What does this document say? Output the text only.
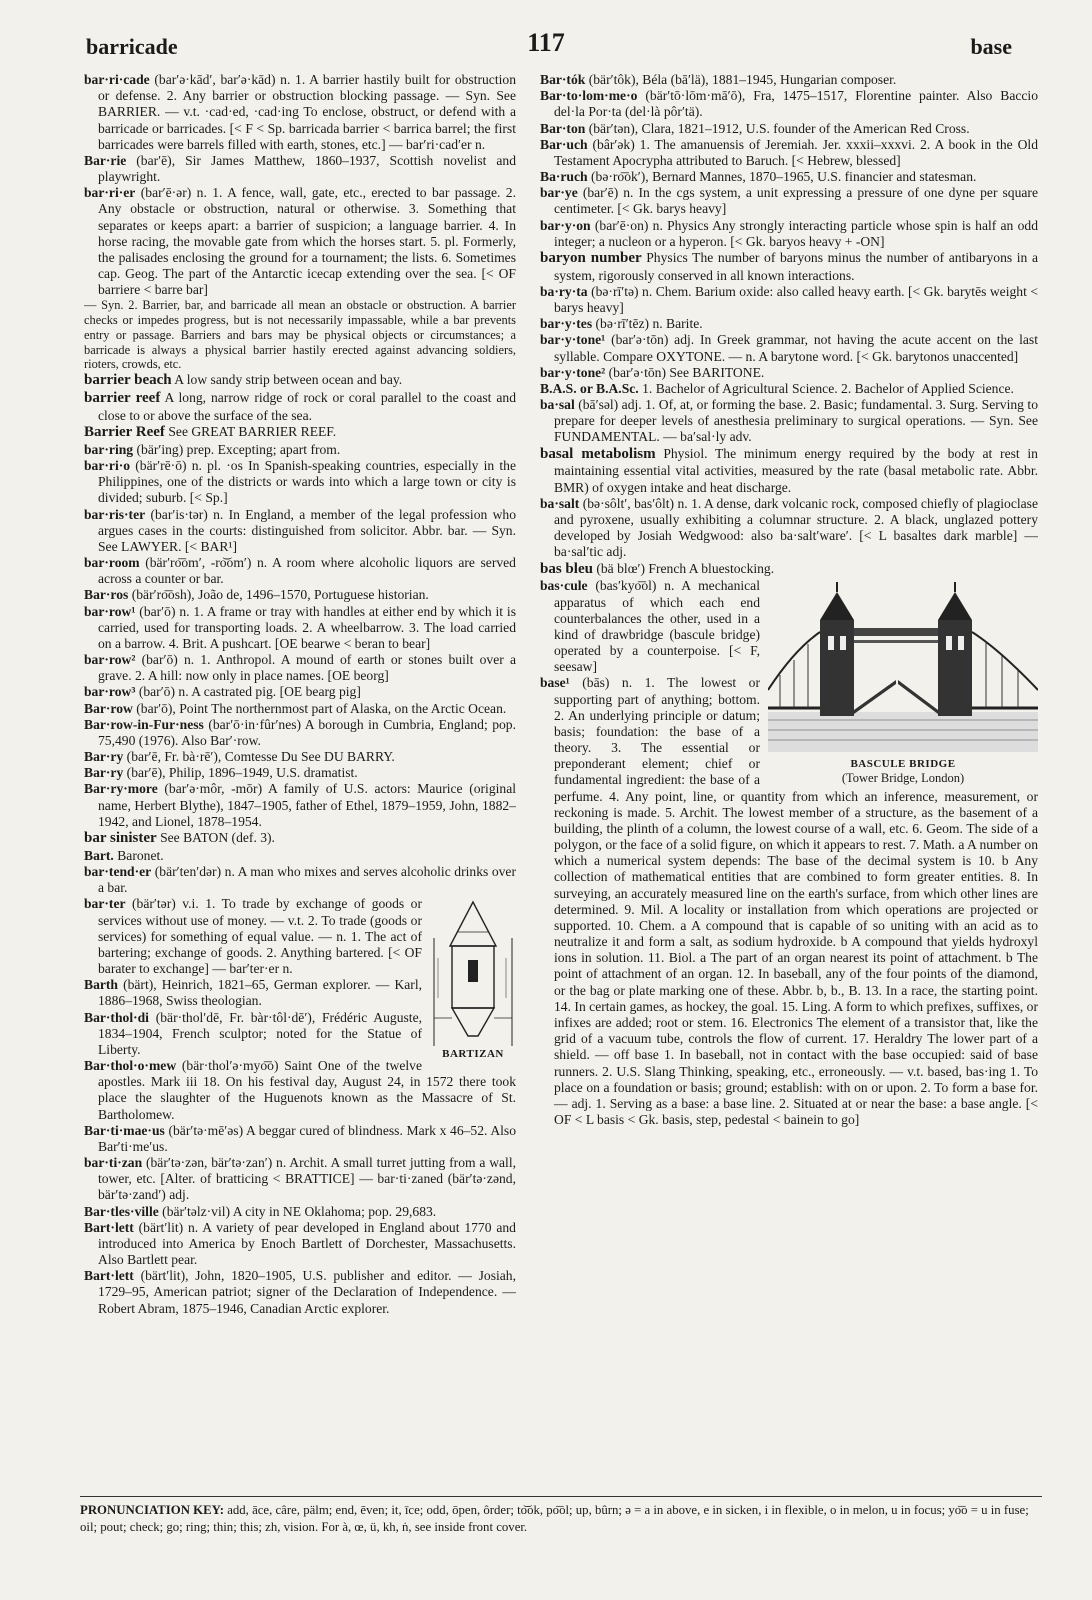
barricade	117	base
bar·ri·cade (bar′ə·kād′, bar′ə·kād) n. 1. A barrier hastily built for obstruction or defense. 2. Any barrier or obstruction blocking passage. — Syn. See BARRIER. — v.t. ·cad·ed, ·cad·ing To enclose, obstruct, or defend with a barricade or barricades. [< F < Sp. barricada barrier < barrica barrel; the first barricades were barrels filled with earth, stones, etc.] — bar′ri·cad′er n.
Bar·rie (bar′ē), Sir James Matthew, 1860–1937, Scottish novelist and playwright.
bar·ri·er (bar′ē·ər) n. 1. A fence, wall, gate, etc., erected to bar passage. 2. Any obstacle or obstruction, natural or otherwise. 3. Something that separates or keeps apart: a barrier of suspicion; a language barrier. 4. In horse racing, the movable gate from which the horses start. 5. pl. Formerly, the palisades enclosing the ground for a tournament; the lists. 6. Sometimes cap. Geog. The part of the Antarctic icecap extending over the sea. [< OF barriere < barre bar]
— Syn. 2. Barrier, bar, and barricade all mean an obstacle or obstruction. A barrier checks or impedes progress, but is not necessarily impassable, while a bar prevents entry or passage. Barriers and bars may be physical objects or circumstances; a barricade is always a physical barrier hastily erected against advancing soldiers, rioters, crowds, etc.
barrier beach A low sandy strip between ocean and bay.
barrier reef A long, narrow ridge of rock or coral parallel to the coast and close to or above the surface of the sea.
Barrier Reef See GREAT BARRIER REEF.
bar·ring (bär′ing) prep. Excepting; apart from.
bar·ri·o (bär′rē·ō) n. pl. ·os In Spanish-speaking countries, especially in the Philippines, one of the districts or wards into which a large town or city is divided; suburb. [< Sp.]
bar·ris·ter (bar′is·tər) n. In England, a member of the legal profession who argues cases in the courts: distinguished from solicitor. Abbr. bar. — Syn. See LAWYER. [< BAR¹]
bar·room (bär′ro͞om′, -ro͝om′) n. A room where alcoholic liquors are served across a counter or bar.
Bar·ros (bär′ro͞osh), João de, 1496–1570, Portuguese historian.
bar·row¹ (bar′ō) n. 1. A frame or tray with handles at either end by which it is carried, used for transporting loads. 2. A wheelbarrow. 3. The load carried on a barrow. 4. Brit. A pushcart. [OE bearwe < beran to bear]
bar·row² (bar′ō) n. 1. Anthropol. A mound of earth or stones built over a grave. 2. A hill: now only in place names. [OE beorg]
bar·row³ (bar′ō) n. A castrated pig. [OE bearg pig]
Bar·row (bar′ō), Point The northernmost part of Alaska, on the Arctic Ocean.
Bar·row-in-Fur·ness (bar′ō·in·fûr′nes) A borough in Cumbria, England; pop. 75,490 (1976). Also Bar′·row.
Bar·ry (bar′ē, Fr. bà·rē′), Comtesse Du See DU BARRY.
Bar·ry (bar′ē), Philip, 1896–1949, U.S. dramatist.
Bar·ry·more (bar′ə·môr, -mōr) A family of U.S. actors: Maurice (original name, Herbert Blythe), 1847–1905, father of Ethel, 1879–1959, John, 1882–1942, and Lionel, 1878–1954.
bar sinister See BATON (def. 3).
Bart. Baronet.
bar·tend·er (bär′ten′dər) n. A man who mixes and serves alcoholic drinks over a bar.
BARTIZAN
bar·ter (bär′tər) v.i. 1. To trade by exchange of goods or services without use of money. — v.t. 2. To trade (goods or services) for something of equal value. — n. 1. The act of bartering; exchange of goods. 2. Anything bartered. [< OF barater to exchange] — bar′ter·er n.
Barth (bärt), Heinrich, 1821–65, German explorer. — Karl, 1886–1968, Swiss theologian.
Bar·thol·di (bär·thol′dē, Fr. bàr·tôl·dē′), Frédéric Auguste, 1834–1904, French sculptor; noted for the Statue of Liberty.
Bar·thol·o·mew (bär·thol′ə·myo͞o) Saint One of the twelve apostles. Mark iii 18. On his festival day, August 24, in 1572 there took place the slaughter of the Huguenots known as the Massacre of St. Bartholomew.
Bar·ti·mae·us (bär′tə·mē′əs) A beggar cured of blindness. Mark x 46–52. Also Bar′ti·me′us.
bar·ti·zan (bär′tə·zən, bär′tə·zan′) n. Archit. A small turret jutting from a wall, tower, etc. [Alter. of bratticing < BRATTICE] — bar·ti·zaned (bär′tə·zənd, bär′tə·zand′) adj.
Bar·tles·ville (bär′təlz·vil) A city in NE Oklahoma; pop. 29,683.
Bart·lett (bärt′lit) n. A variety of pear developed in England about 1770 and introduced into America by Enoch Bartlett of Dorchester, Massachusetts. Also Bartlett pear.
Bart·lett (bärt′lit), John, 1820–1905, U.S. publisher and editor. — Josiah, 1729–95, American patriot; signer of the Declaration of Independence. — Robert Abram, 1875–1946, Canadian Arctic explorer.
Bar·tók (bär′tôk), Béla (bā′lä), 1881–1945, Hungarian composer.
Bar·to·lom·me·o (bär′tō·lōm·mā′ō), Fra, 1475–1517, Florentine painter. Also Baccio del·la Por·ta (del·là pôr′tä).
Bar·ton (bär′tən), Clara, 1821–1912, U.S. founder of the American Red Cross.
Bar·uch (bâr′ək) 1. The amanuensis of Jeremiah. Jer. xxxii–xxxvi. 2. A book in the Old Testament Apocrypha attributed to Baruch. [< Hebrew, blessed]
Ba·ruch (bə·ro͞ok′), Bernard Mannes, 1870–1965, U.S. financier and statesman.
bar·ye (bar′ē) n. In the cgs system, a unit expressing a pressure of one dyne per square centimeter. [< Gk. barys heavy]
bar·y·on (bar′ē·on) n. Physics Any strongly interacting particle whose spin is half an odd integer; a nucleon or a hyperon. [< Gk. baryos heavy + -ON]
baryon number Physics The number of baryons minus the number of antibaryons in a system, rigorously conserved in all known interactions.
ba·ry·ta (bə·rī′tə) n. Chem. Barium oxide: also called heavy earth. [< Gk. barytēs weight < barys heavy]
bar·y·tes (bə·rī′tēz) n. Barite.
bar·y·tone¹ (bar′ə·tōn) adj. In Greek grammar, not having the acute accent on the last syllable. Compare OXYTONE. — n. A barytone word. [< Gk. barytonos unaccented]
bar·y·tone² (bar′ə·tōn) See BARITONE.
B.A.S. or B.A.Sc. 1. Bachelor of Agricultural Science. 2. Bachelor of Applied Science.
ba·sal (bā′səl) adj. 1. Of, at, or forming the base. 2. Basic; fundamental. 3. Surg. Serving to prepare for deeper levels of anesthesia preliminary to surgical operations. — Syn. See FUNDAMENTAL. — ba′sal·ly adv.
basal metabolism Physiol. The minimum energy required by the body at rest in maintaining essential vital activities, measured by the rate (basal metabolic rate. Abbr. BMR) of oxygen intake and heat discharge.
ba·salt (bə·sôlt′, bas′ôlt) n. 1. A dense, dark volcanic rock, composed chiefly of plagioclase and pyroxene, usually exhibiting a columnar structure. 2. A black, unglazed pottery developed by Josiah Wedgwood: also ba·salt′ware′. [< L basaltes dark marble] — ba·sal′tic adj.
bas bleu (bä blœ′) French A bluestocking.
BASCULE BRIDGE
(Tower Bridge, London)
bas·cule (bas′kyo͞ol) n. A mechanical apparatus of which each end counterbalances the other, used in a kind of drawbridge (bascule bridge) operated by a counterpoise. [< F, seesaw]
base¹ (bās) n. 1. The lowest or supporting part of anything; bottom. 2. An underlying principle or datum; basis; foundation: the base of a theory. 3. The essential or preponderant element; chief or fundamental ingredient: the base of a perfume. 4. Any point, line, or quantity from which an inference, measurement, or reckoning is made. 5. Archit. The lowest member of a structure, as the basement of a building, the plinth of a column, the lowest course of a wall, etc. 6. Geom. The side of a polygon, or the face of a solid figure, on which it appears to rest. 7. Math. a A number on which a numerical system depends: The base of the decimal system is 10. b Any collection of mathematical entities that are combined to form greater entities. 8. In surveying, an accurately measured line on the earth's surface, from which other lines are determined. 9. Mil. A locality or installation from which operations are projected or supported. 10. Chem. a A compound that is capable of so uniting with an acid as to neutralize it and form a salt, as sodium hydroxide. b A compound that yields hydroxyl ions in solution. 11. Biol. a The part of an organ nearest its point of attachment. b The point of attachment of an organ. 12. In baseball, any of the four points of the diamond, or the bag or plate marking one of these. Abbr. b, b., B. 13. In a race, the starting point. 14. In certain games, as hockey, the goal. 15. Ling. A form to which prefixes, suffixes, or infixes are added; root or stem. 16. Electronics The element of a transistor that, like the grid of a vacuum tube, controls the flow of current. 17. Heraldry The lower part of a shield. — off base 1. In baseball, not in contact with the base occupied: said of base runners. 2. U.S. Slang Thinking, speaking, etc., erroneously. — v.t. based, bas·ing 1. To place on a foundation or basis; ground; establish: with on or upon. 2. To form a base for. — adj. 1. Serving as a base: a base line. 2. Situated at or near the base: a base angle. [< OF < L basis < Gk. basis, step, pedestal < bainein to go]
PRONUNCIATION KEY: add, āce, câre, pälm; end, ēven; it, īce; odd, ōpen, ôrder; to͝ok, po͞ol; up, bûrn; ə = a in above, e in sicken, i in flexible, o in melon, u in focus; yo͞o = u in fuse; oil; pout; check; go; ring; thin; this; zh, vision. For à, œ, ü, kh, ṅ, see inside front cover.
